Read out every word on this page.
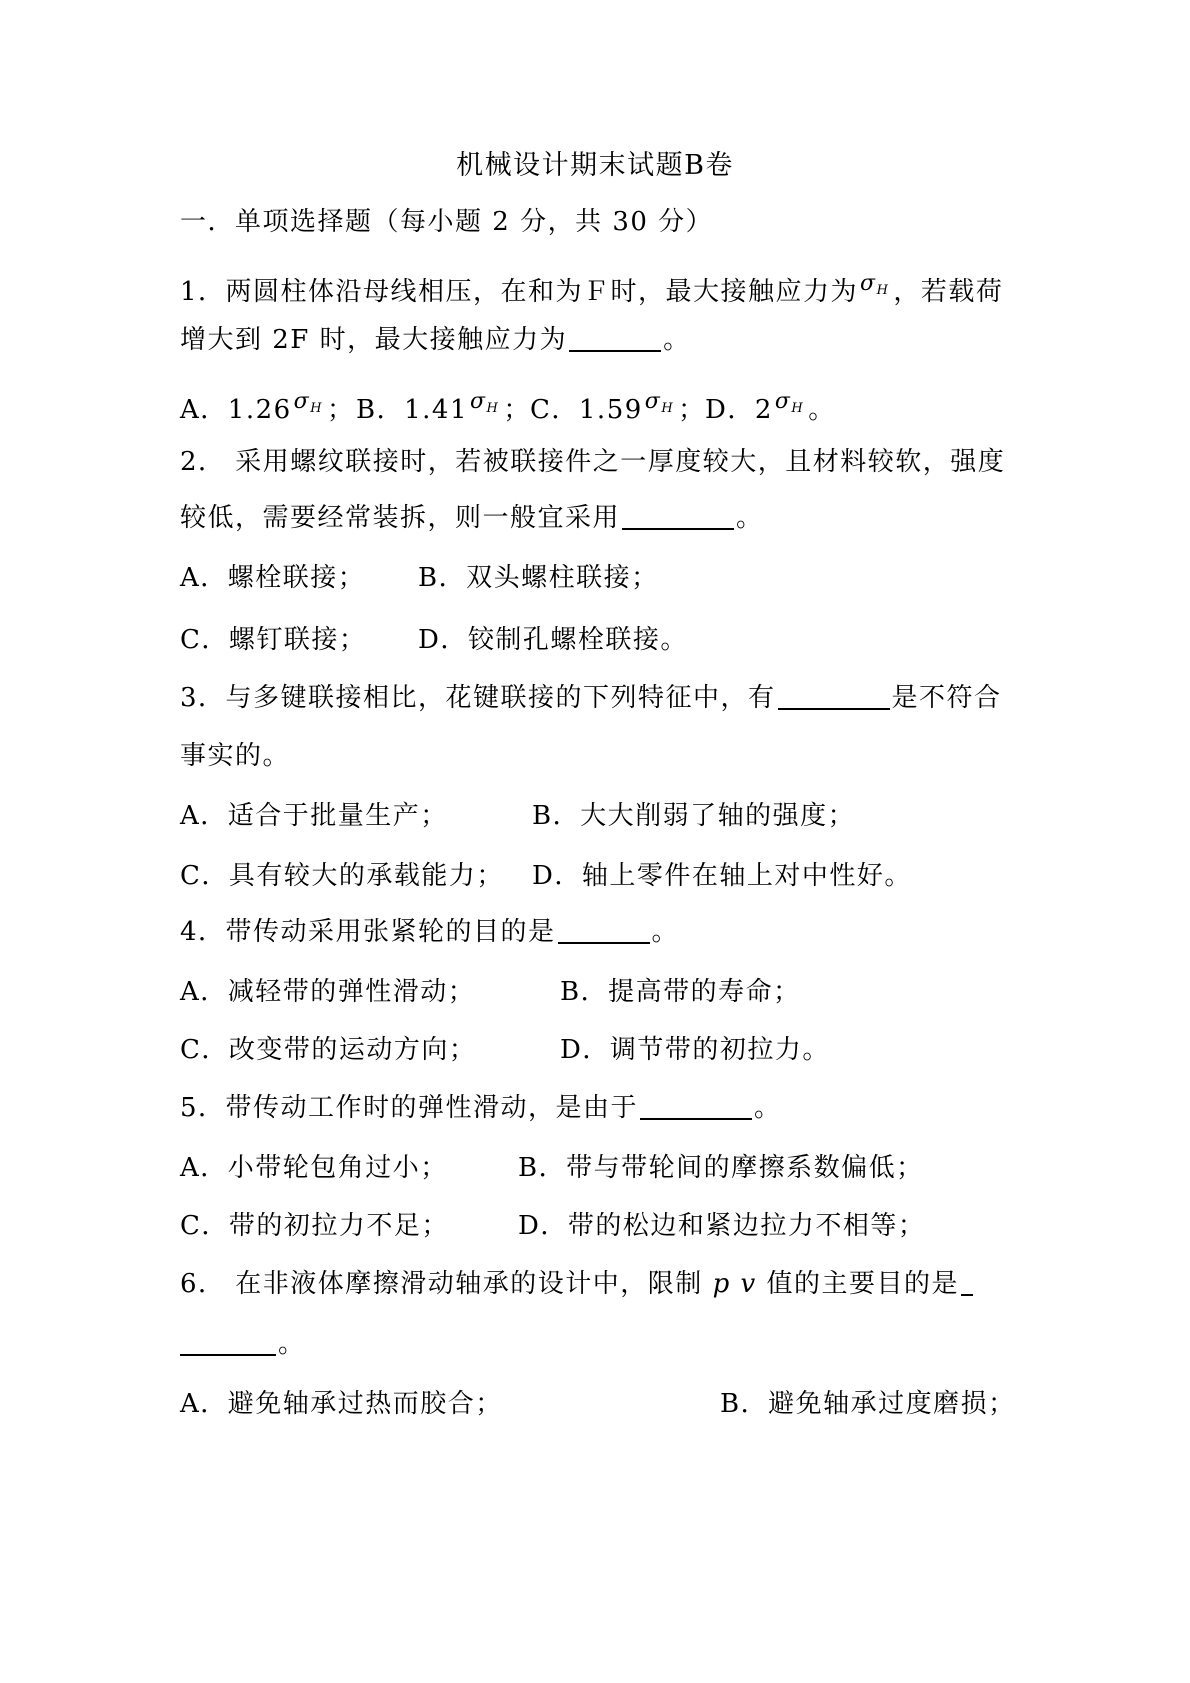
机械设计期末试题B卷
一．单项选择题（每小题 2 分，共 30 分）
1．两圆柱体沿母线相压，在和为Ｆ时，最大接触应力为$^{\sigma H}$ ，若载荷
增大到 2F 时，最大接触应力为	。
A．$1.26^{\sigma H}$ ； B．$1.41^{\sigma H}$ ； C．$1.59^{\sigma H}$ ； D．$2^{\sigma H}$ 。
2． 采用螺纹联接时，若被联接件之一厚度较大，且材料较软，强度
较低，需要经常装拆，则一般宜采用	。
A．螺栓联接； B．双头螺柱联接；
C．螺钉联接； D．铰制孔螺栓联接。
3．与多键联接相比，花键联接的下列特征中，有	是不符合
事实的。
A．适合于批量生产；	B．大大削弱了轴的强度；
C．具有较大的承载能力； D．轴上零件在轴上对中性好。
4．带传动采用张紧轮的目的是	。
A．减轻带的弹性滑动；	B．提高带的寿命；
C．改变带的运动方向；	D．调节带的初拉力。
5．带传动工作时的弹性滑动，是由于	。
A．小带轮包角过小；	B．带与带轮间的摩擦系数偏低；
C．带的初拉力不足；	D．带的松边和紧边拉力不相等；
6． 在非液体摩擦滑动轴承的设计中，限制 p v 值的主要目的是
。
A．避免轴承过热而胶合；	B．避免轴承过度磨损；
